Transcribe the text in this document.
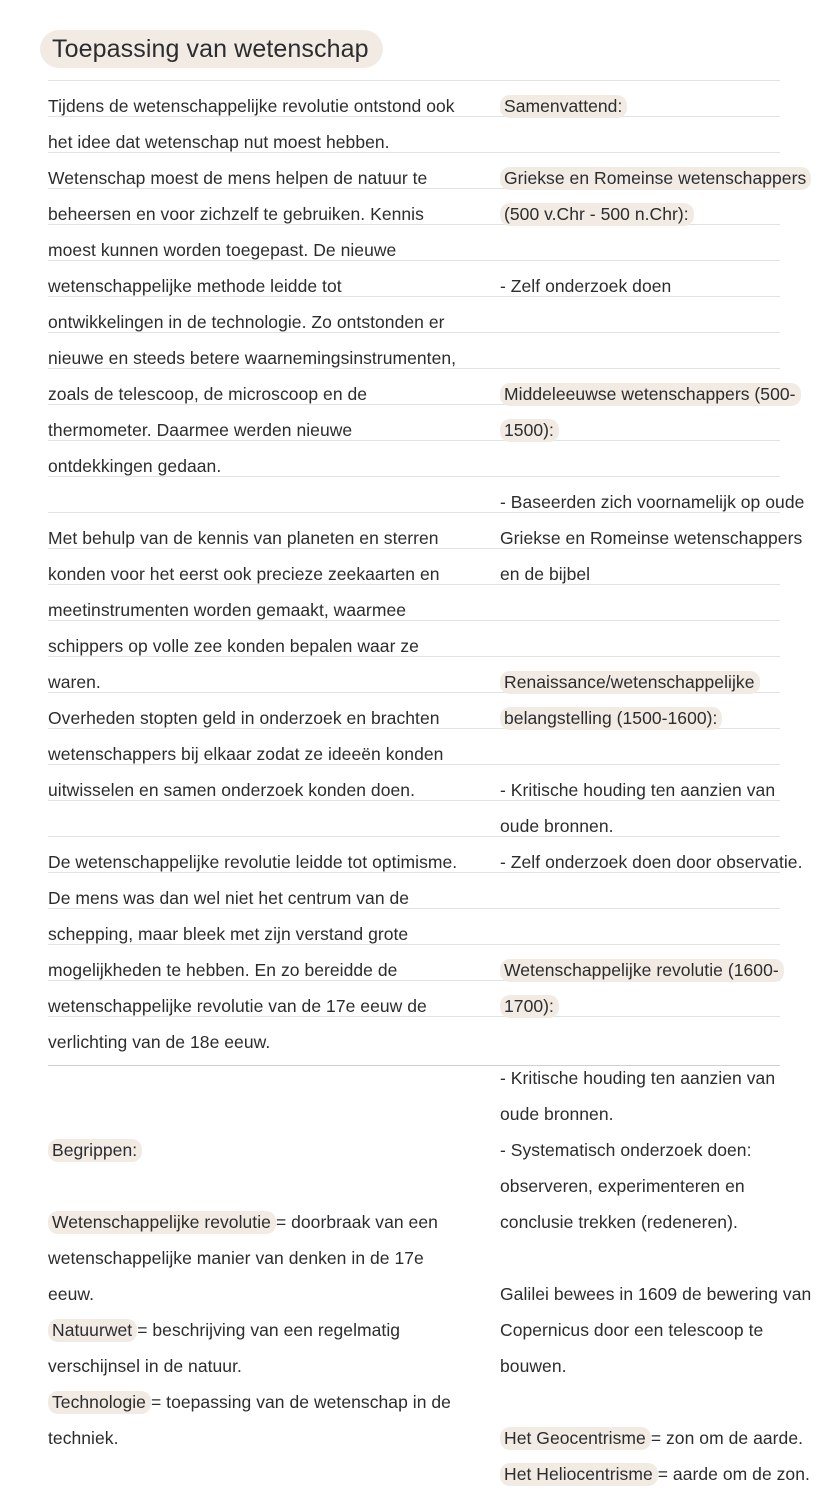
Toepassing van wetenschap
Tijdens de wetenschappelijke revolutie ontstond ook het idee dat wetenschap nut moest hebben. Wetenschap moest de mens helpen de natuur te beheersen en voor zichzelf te gebruiken. Kennis moest kunnen worden toegepast. De nieuwe wetenschappelijke methode leidde tot ontwikkelingen in de technologie. Zo ontstonden er nieuwe en steeds betere waarnemingsinstrumenten, zoals de telescoop, de microscoop en de thermometer. Daarmee werden nieuwe ontdekkingen gedaan.
Met behulp van de kennis van planeten en sterren konden voor het eerst ook precieze zeekaarten en meetinstrumenten worden gemaakt, waarmee schippers op volle zee konden bepalen waar ze waren.
Overheden stopten geld in onderzoek en brachten wetenschappers bij elkaar zodat ze ideeën konden uitwisselen en samen onderzoek konden doen.
De wetenschappelijke revolutie leidde tot optimisme. De mens was dan wel niet het centrum van de schepping, maar bleek met zijn verstand grote mogelijkheden te hebben. En zo bereidde de wetenschappelijke revolutie van de 17e eeuw de verlichting van de 18e eeuw.
Begrippen:
Wetenschappelijke revolutie = doorbraak van een wetenschappelijke manier van denken in de 17e eeuw.
Natuurwet = beschrijving van een regelmatig verschijnsel in de natuur.
Technologie = toepassing van de wetenschap in de techniek.
Samenvattend:
Griekse en Romeinse wetenschappers (500 v.Chr - 500 n.Chr):
- Zelf onderzoek doen
Middeleeuwse wetenschappers (500-1500):
- Baseerden zich voornamelijk op oude Griekse en Romeinse wetenschappers en de bijbel
Renaissance/wetenschappelijke belangstelling (1500-1600):
- Kritische houding ten aanzien van oude bronnen.
- Zelf onderzoek doen door observatie.
Wetenschappelijke revolutie (1600-1700):
- Kritische houding ten aanzien van oude bronnen.
- Systematisch onderzoek doen: observeren, experimenteren en conclusie trekken (redeneren).
Galilei bewees in 1609 de bewering van Copernicus door een telescoop te bouwen.
Het Geocentrisme = zon om de aarde.
Het Heliocentrisme = aarde om de zon.
